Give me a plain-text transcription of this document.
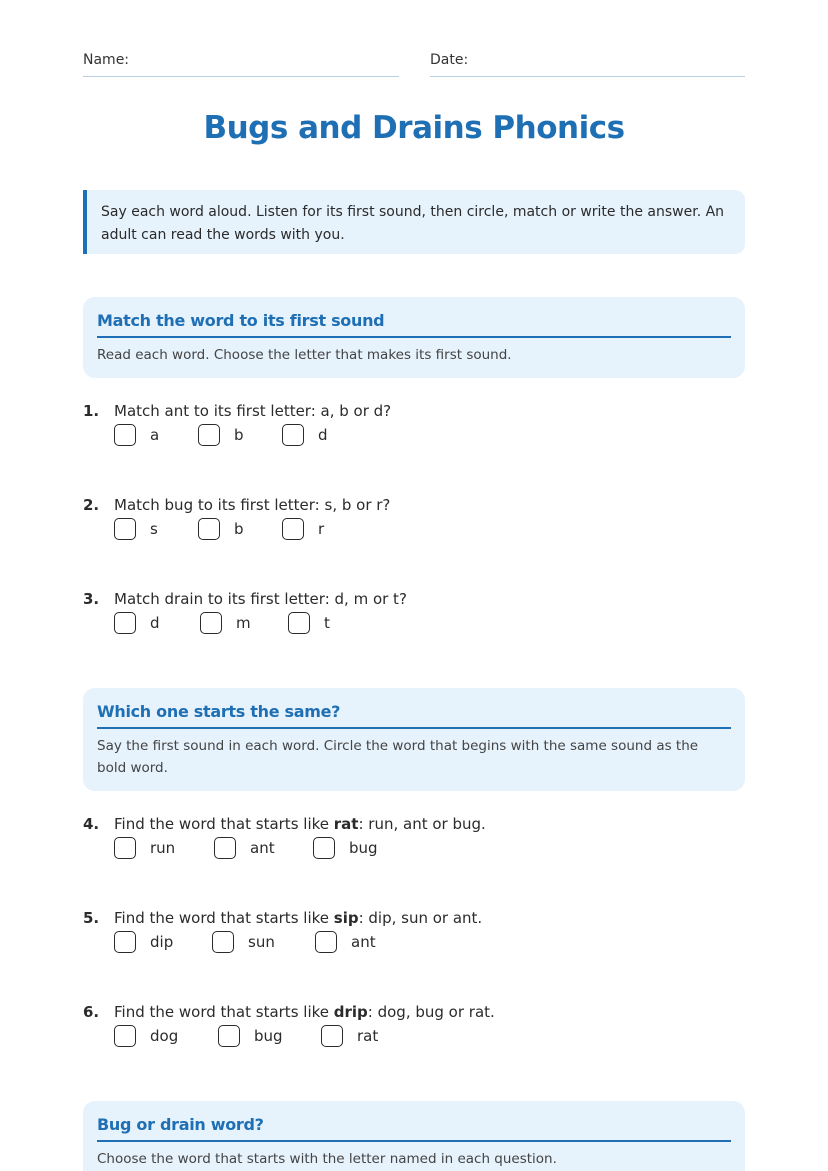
Name:	Date:
Bugs and Drains Phonics
Say each word aloud. Listen for its first sound, then circle, match or write the answer. An adult can read the words with you.
Match the word to its first sound
Read each word. Choose the letter that makes its first sound.
1. Match ant to its first letter: a, b or d?
a	b	d
2. Match bug to its first letter: s, b or r?
s	b	r
3. Match drain to its first letter: d, m or t?
d	m	t
Which one starts the same?
Say the first sound in each word. Circle the word that begins with the same sound as the bold word.
4. Find the word that starts like rat: run, ant or bug.
run	ant	bug
5. Find the word that starts like sip: dip, sun or ant.
dip	sun	ant
6. Find the word that starts like drip: dog, bug or rat.
dog	bug	rat
Bug or drain word?
Choose the word that starts with the letter named in each question.
